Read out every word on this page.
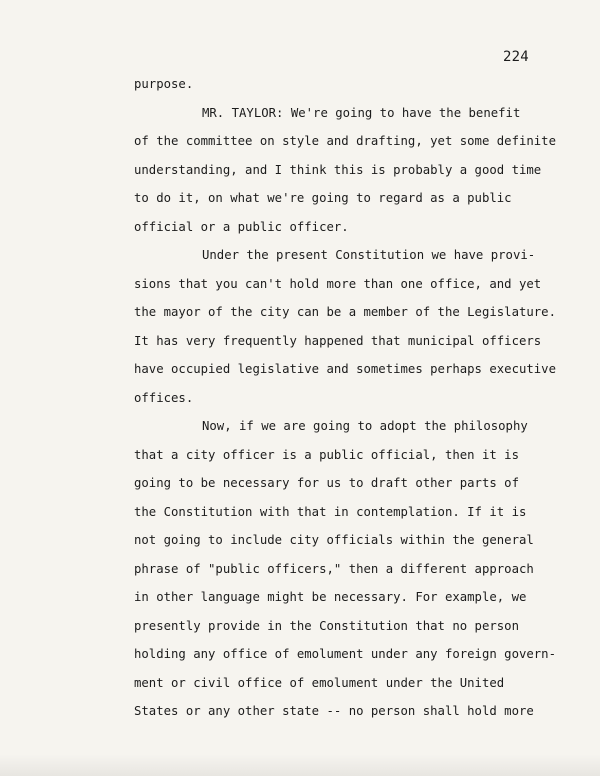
224
purpose.
MR. TAYLOR: We're going to have the benefit
of the committee on style and drafting, yet some definite
understanding, and I think this is probably a good time
to do it, on what we're going to regard as a public
official or a public officer.
Under the present Constitution we have provi-
sions that you can't hold more than one office, and yet
the mayor of the city can be a member of the Legislature.
It has very frequently happened that municipal officers
have occupied legislative and sometimes perhaps executive
offices.
Now, if we are going to adopt the philosophy
that a city officer is a public official, then it is
going to be necessary for us to draft other parts of
the Constitution with that in contemplation. If it is
not going to include city officials within the general
phrase of "public officers," then a different approach
in other language might be necessary. For example, we
presently provide in the Constitution that no person
holding any office of emolument under any foreign govern-
ment or civil office of emolument under the United
States or any other state -- no person shall hold more
